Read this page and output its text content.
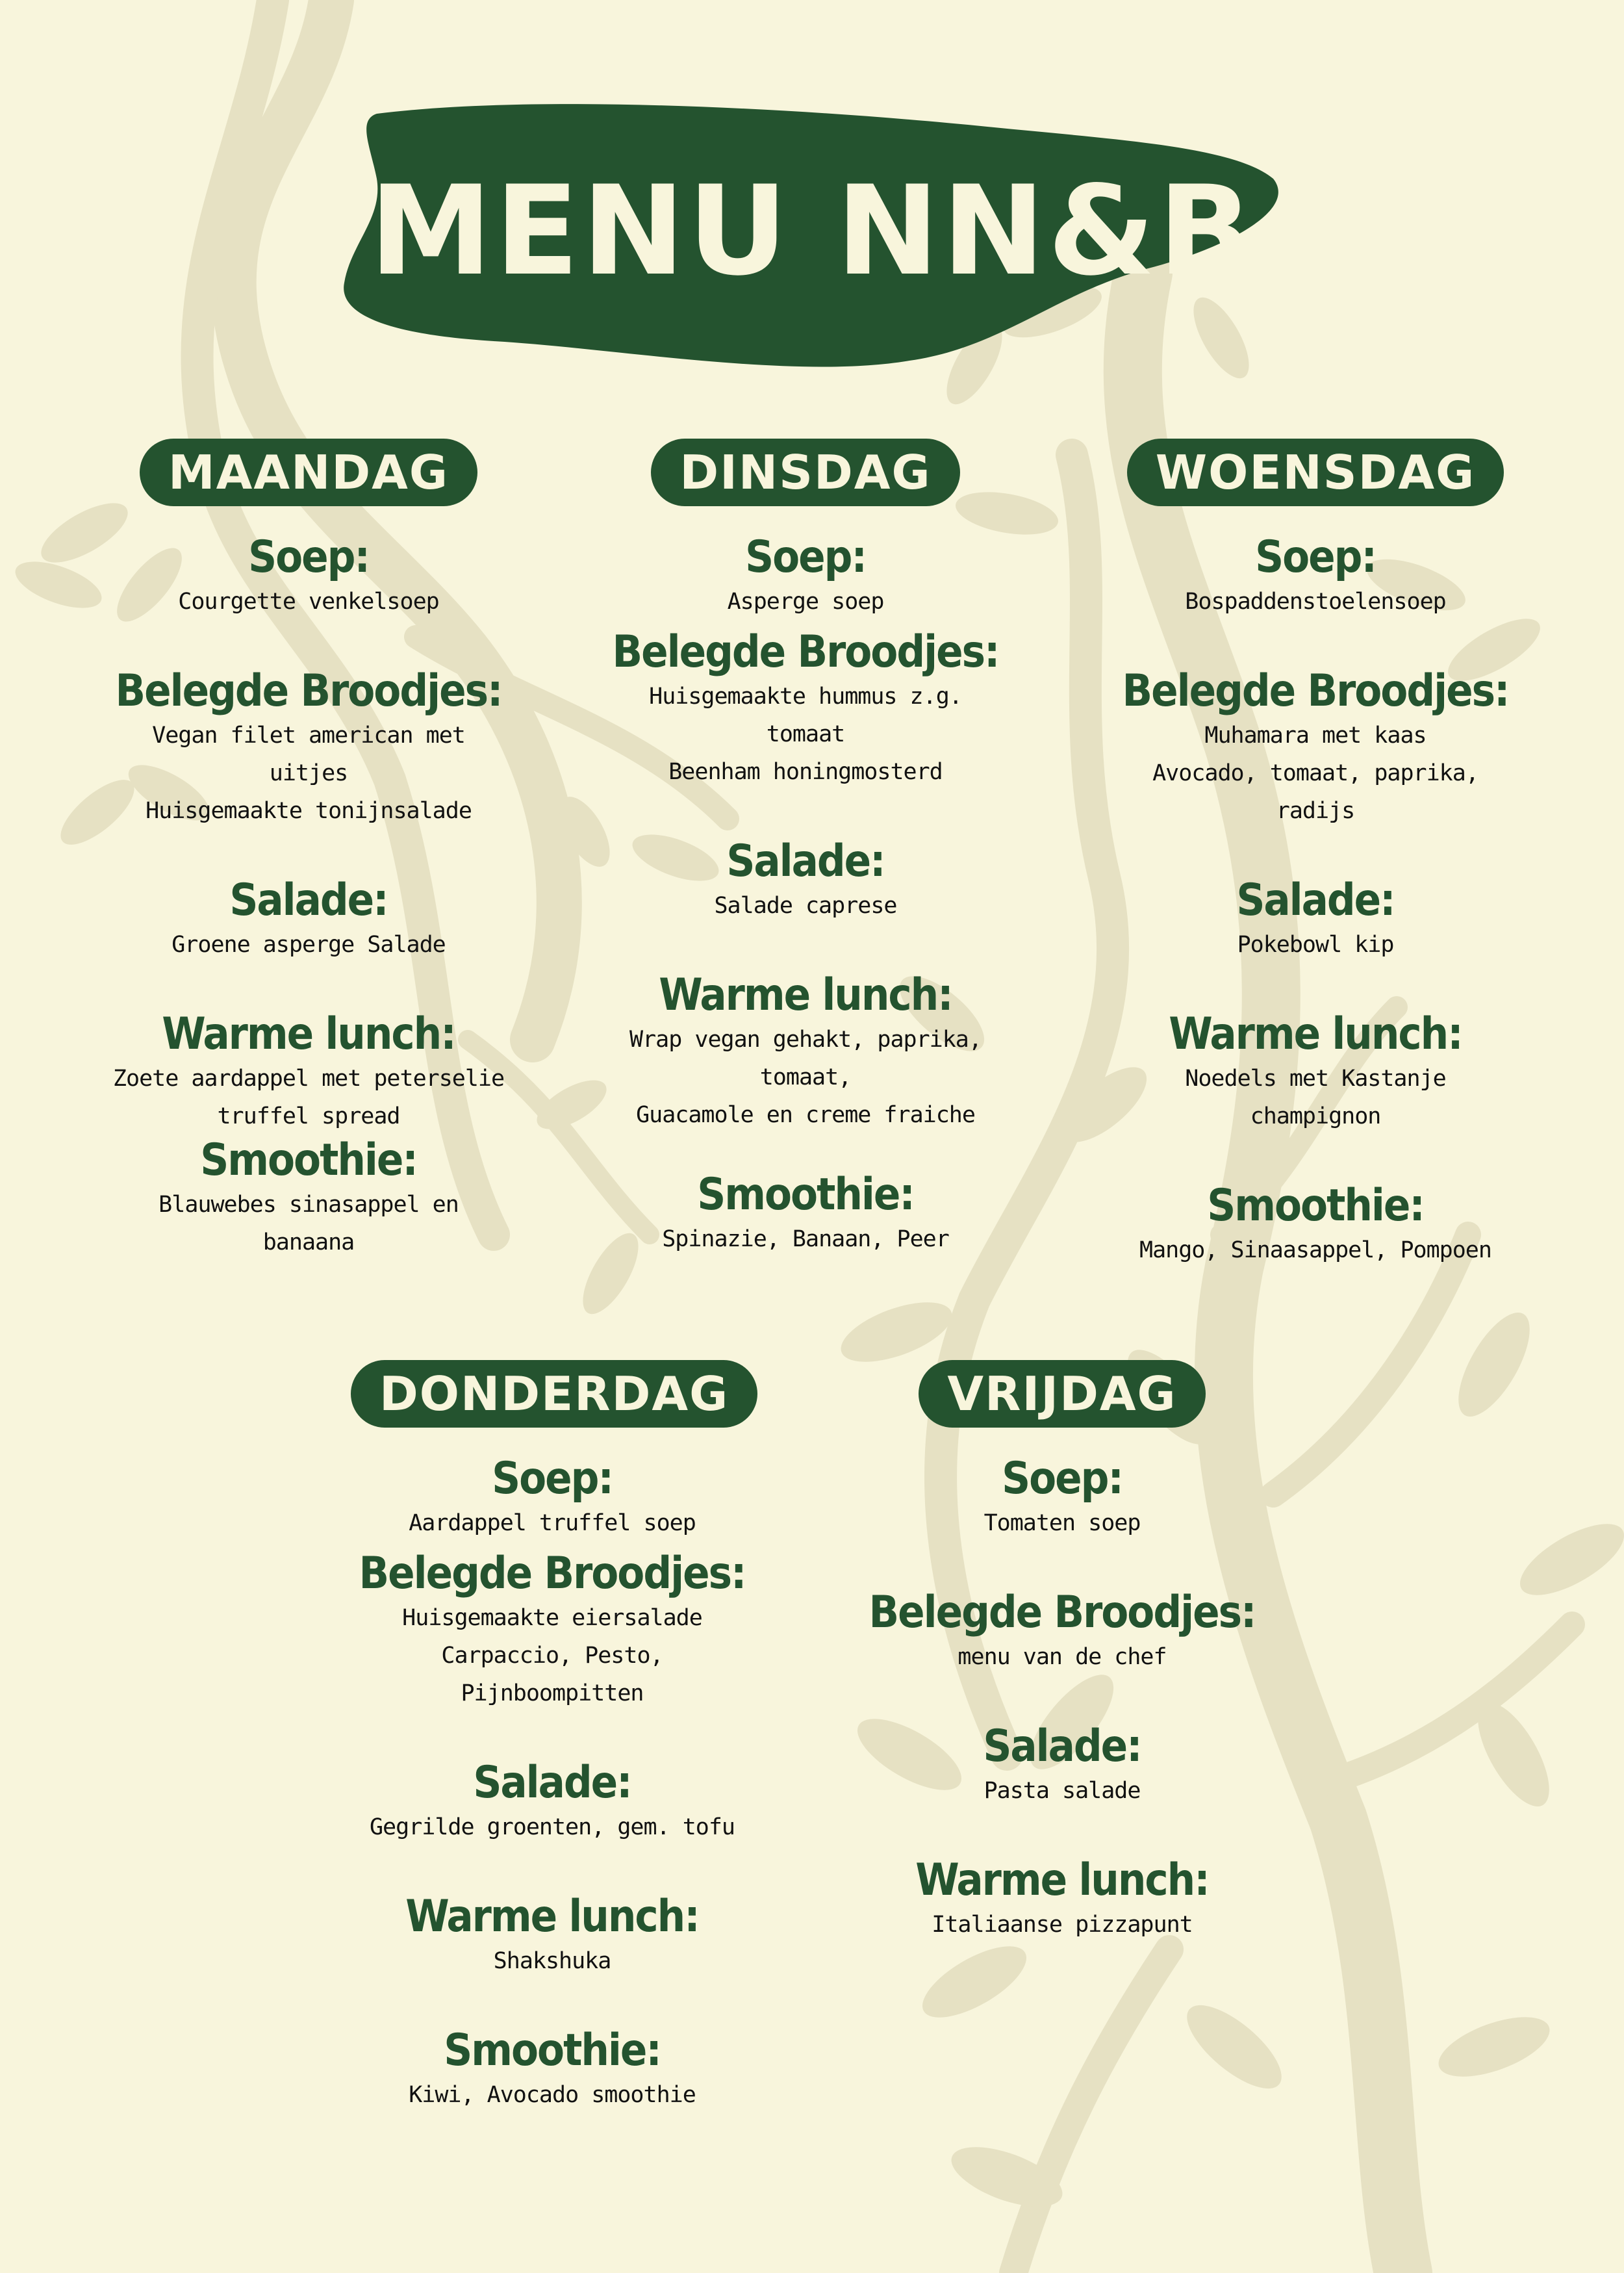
MENU NN&B
MAANDAG
Soep:
Courgette venkelsoep
Belegde Broodjes:
Vegan filet american met uitjes
Huisgemaakte tonijnsalade
Salade:
Groene asperge Salade
Warme lunch:
Zoete aardappel met peterselie
truffel spread
Smoothie:
Blauwebes sinasappel en banaana
DINSDAG
Soep:
Asperge soep
Belegde Broodjes:
Huisgemaakte hummus z.g. tomaat
Beenham honingmosterd
Salade:
Salade caprese
Warme lunch:
Wrap vegan gehakt, paprika, tomaat,
Guacamole en creme fraiche
Smoothie:
Spinazie, Banaan, Peer
WOENSDAG
Soep:
Bospaddenstoelensoep
Belegde Broodjes:
Muhamara met kaas
Avocado, tomaat, paprika, radijs
Salade:
Pokebowl kip
Warme lunch:
Noedels met Kastanje champignon
Smoothie:
Mango, Sinaasappel, Pompoen
DONDERDAG
Soep:
Aardappel truffel soep
Belegde Broodjes:
Huisgemaakte eiersalade
Carpaccio, Pesto, Pijnboompitten
Salade:
Gegrilde groenten, gem. tofu
Warme lunch:
Shakshuka
Smoothie:
Kiwi, Avocado smoothie
VRIJDAG
Soep:
Tomaten soep
Belegde Broodjes:
menu van de chef
Salade:
Pasta salade
Warme lunch:
Italiaanse pizzapunt
